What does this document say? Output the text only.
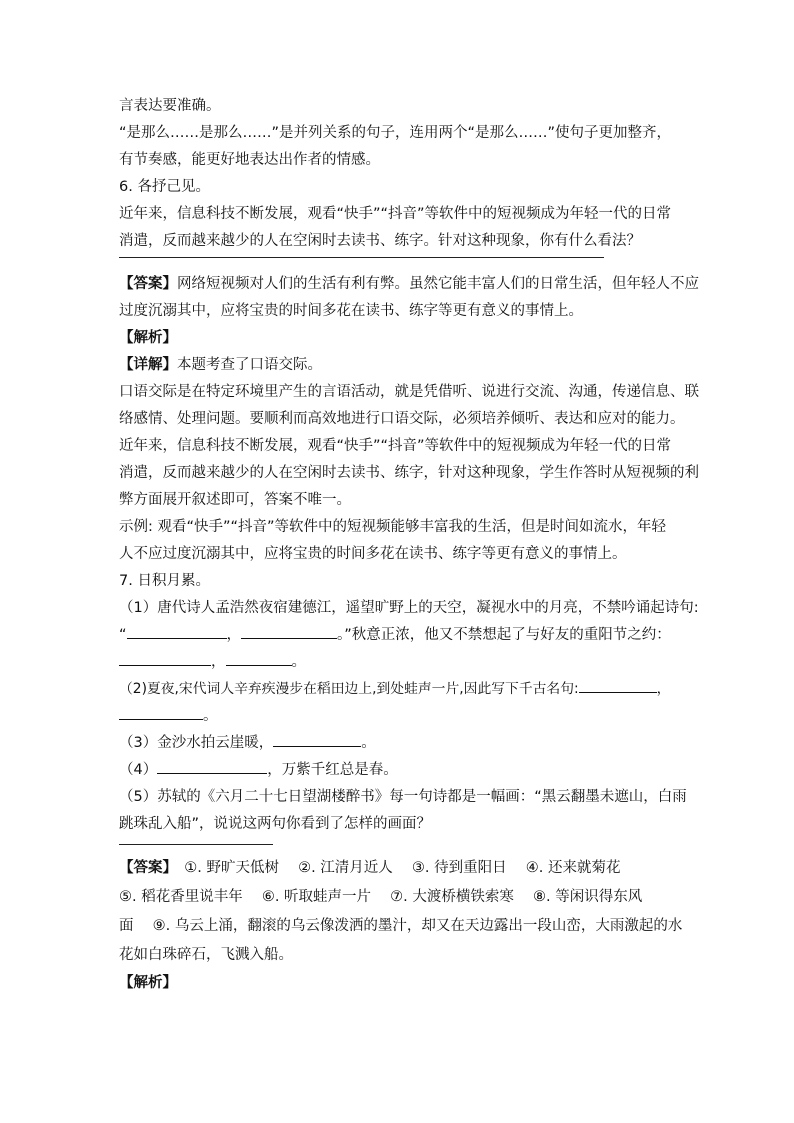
言表达要准确。
“是那么……是那么……”是并列关系的句子，连用两个“是那么……”使句子更加整齐，
有节奏感，能更好地表达出作者的情感。
6. 各抒己见。
近年来，信息科技不断发展，观看“快手”“抖音”等软件中的短视频成为年轻一代的日常
消遣，反而越来越少的人在空闲时去读书、练字。针对这种现象，你有什么看法？
【答案】网络短视频对人们的生活有利有弊。虽然它能丰富人们的日常生活，但年轻人不应
过度沉溺其中，应将宝贵的时间多花在读书、练字等更有意义的事情上。
【解析】
【详解】本题考查了口语交际。
口语交际是在特定环境里产生的言语活动，就是凭借听、说进行交流、沟通，传递信息、联
络感情、处理问题。要顺利而高效地进行口语交际，必须培养倾听、表达和应对的能力。
近年来，信息科技不断发展，观看“快手”“抖音”等软件中的短视频成为年轻一代的日常
消遣，反而越来越少的人在空闲时去读书、练字，针对这种现象，学生作答时从短视频的利
弊方面展开叙述即可，答案不唯一。
示例: 观看“快手”“抖音”等软件中的短视频能够丰富我的生活，但是时间如流水，年轻
人不应过度沉溺其中，应将宝贵的时间多花在读书、练字等更有意义的事情上。
7. 日积月累。
（1）唐代诗人孟浩然夜宿建德江，遥望旷野上的天空，凝视水中的月亮，不禁吟诵起诗句:
“	，	。”秋意正浓，他又不禁想起了与好友的重阳节之约：
，	。
（2)夏夜,宋代词人辛弃疾漫步在稻田边上,到处蛙声一片,因此写下千古名句:	，
。
（3）金沙水拍云崖暖，	。
（4）	，万紫千红总是春。
（5）苏轼的《六月二十七日望湖楼醉书》每一句诗都是一幅画：“黑云翻墨未遮山，白雨
跳珠乱入船”，说说这两句你看到了怎样的画面？
【答案】　 ①. 野旷天低树　 ②. 江清月近人　 ③. 待到重阳日　 ④. 还来就菊花
⑤. 稻花香里说丰年　 ⑥. 听取蛙声一片　 ⑦. 大渡桥横铁索寒　 ⑧. 等闲识得东风
面　 ⑨. 乌云上涌，翻滚的乌云像泼洒的墨汁，却又在天边露出一段山峦，大雨激起的水
花如白珠碎石，飞溅入船。
【解析】
